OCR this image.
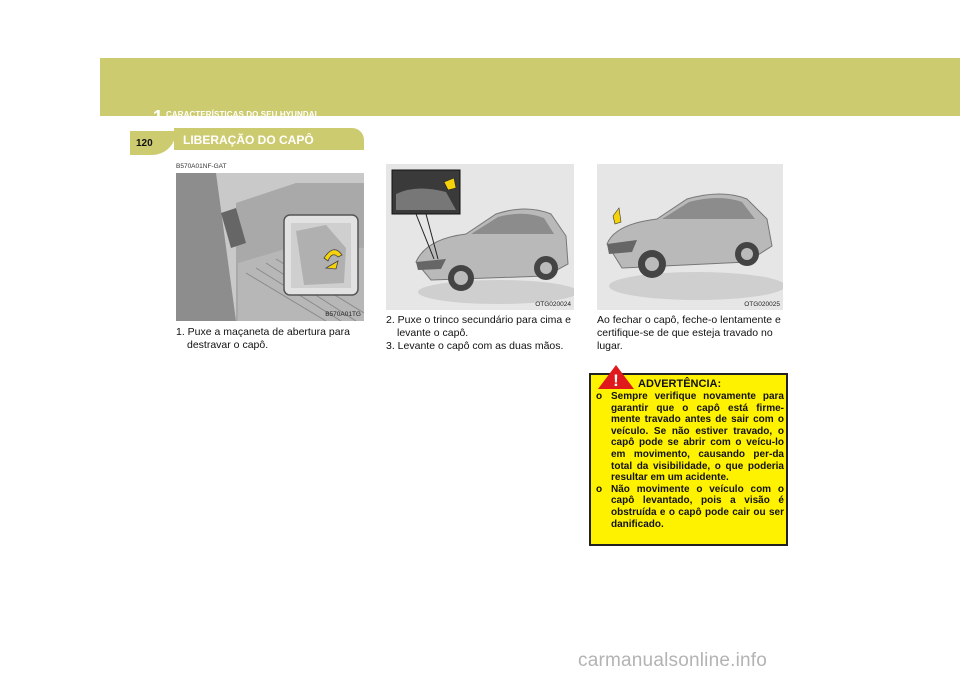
1 CARACTERÍSTICAS DO SEU HYUNDAI
120	LIBERAÇÃO DO CAPÔ
B570A01NF-GAT
B570A01TG
OTG020024	OTG020025
1. Puxe a maçaneta de abertura para destravar o capô.
2. Puxe o trinco secundário para cima e levante o capô.
3. Levante o capô com as duas mãos.
Ao fechar o capô, feche-o lentamente e certifique-se de que esteja travado no lugar.
! ADVERTÊNCIA:
o Sempre verifique novamente para garantir que o capô está firme-mente travado antes de sair com o veículo. Se não estiver travado, o capô pode se abrir com o veícu-lo em movimento, causando per-da total da visibilidade, o que poderia resultar em um acidente.
o Não movimente o veículo com o capô levantado, pois a visão é obstruída e o capô pode cair ou ser danificado.
carmanualsonline.info
